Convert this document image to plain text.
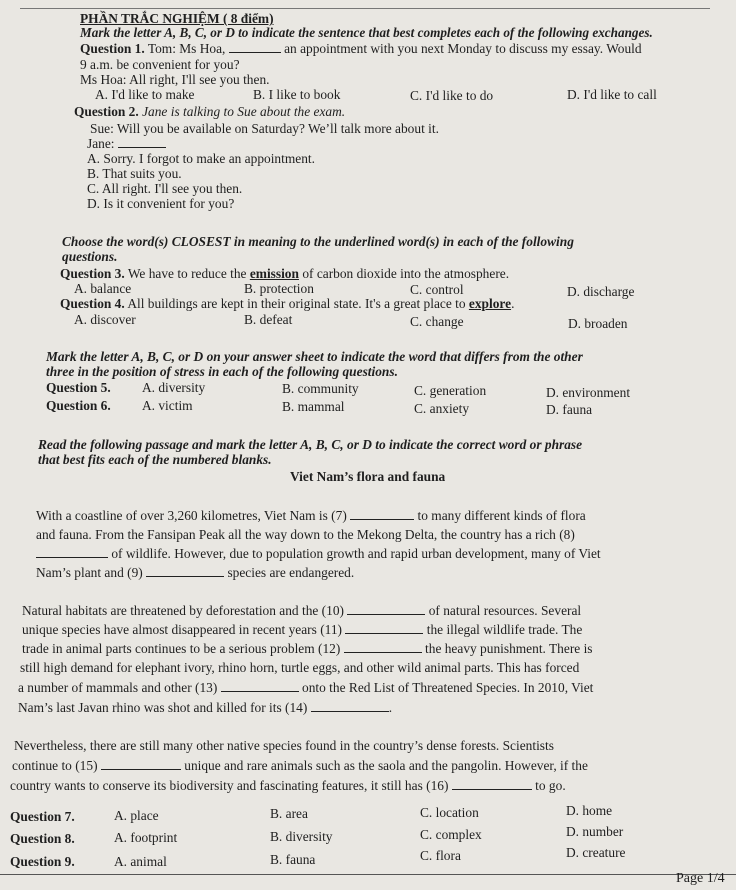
PHẦN TRẮC NGHIỆM ( 8 điểm)
Mark the letter A, B, C, or D to indicate the sentence that best completes each of the following exchanges.
Question 1. Tom: Ms Hoa,	an appointment with you next Monday to discuss my essay. Would
9 a.m. be convenient for you?
Ms Hoa: All right, I'll see you then.
A. I'd like to make	B. I like to book	C. I'd like to do	D. I'd like to call
Question 2. Jane is talking to Sue about the exam.
Sue: Will you be available on Saturday? We’ll talk more about it.
Jane:
A. Sorry. I forgot to make an appointment.
B. That suits you.
C. All right. I'll see you then.
D. Is it convenient for you?
Choose the word(s) CLOSEST in meaning to the underlined word(s) in each of the following
questions.
Question 3. We have to reduce the emission of carbon dioxide into the atmosphere.
A. balance	B. protection	C. control	D. discharge
Question 4. All buildings are kept in their original state. It's a great place to explore.
A. discover	B. defeat	C. change	D. broaden
Mark the letter A, B, C, or D on your answer sheet to indicate the word that differs from the other
three in the position of stress in each of the following questions.
Question 5. A. diversity	B. community	C. generation	D. environment
Question 6. A. victim	B. mammal	C. anxiety	D. fauna
Read the following passage and mark the letter A, B, C, or D to indicate the correct word or phrase
that best fits each of the numbered blanks.
Viet Nam’s flora and fauna
With a coastline of over 3,260 kilometres, Viet Nam is (7)	to many different kinds of flora
and fauna. From the Fansipan Peak all the way down to the Mekong Delta, the country has a rich (8)
of wildlife. However, due to population growth and rapid urban development, many of Viet
Nam’s plant and (9)	species are endangered.
Natural habitats are threatened by deforestation and the (10)	of natural resources. Several
unique species have almost disappeared in recent years (11)	the illegal wildlife trade. The
trade in animal parts continues to be a serious problem (12)	the heavy punishment. There is
still high demand for elephant ivory, rhino horn, turtle eggs, and other wild animal parts. This has forced
a number of mammals and other (13)	onto the Red List of Threatened Species. In 2010, Viet
Nam’s last Javan rhino was shot and killed for its (14)	.
Nevertheless, there are still many other native species found in the country’s dense forests. Scientists
continue to (15)	unique and rare animals such as the saola and the pangolin. However, if the
country wants to conserve its biodiversity and fascinating features, it still has (16)	to go.
Question 7.	A. place	B. area	C. location	D. home
Question 8.	A. footprint	B. diversity	C. complex	D. number
Question 9.	A. animal	B. fauna	C. flora	D. creature
Page 1/4
